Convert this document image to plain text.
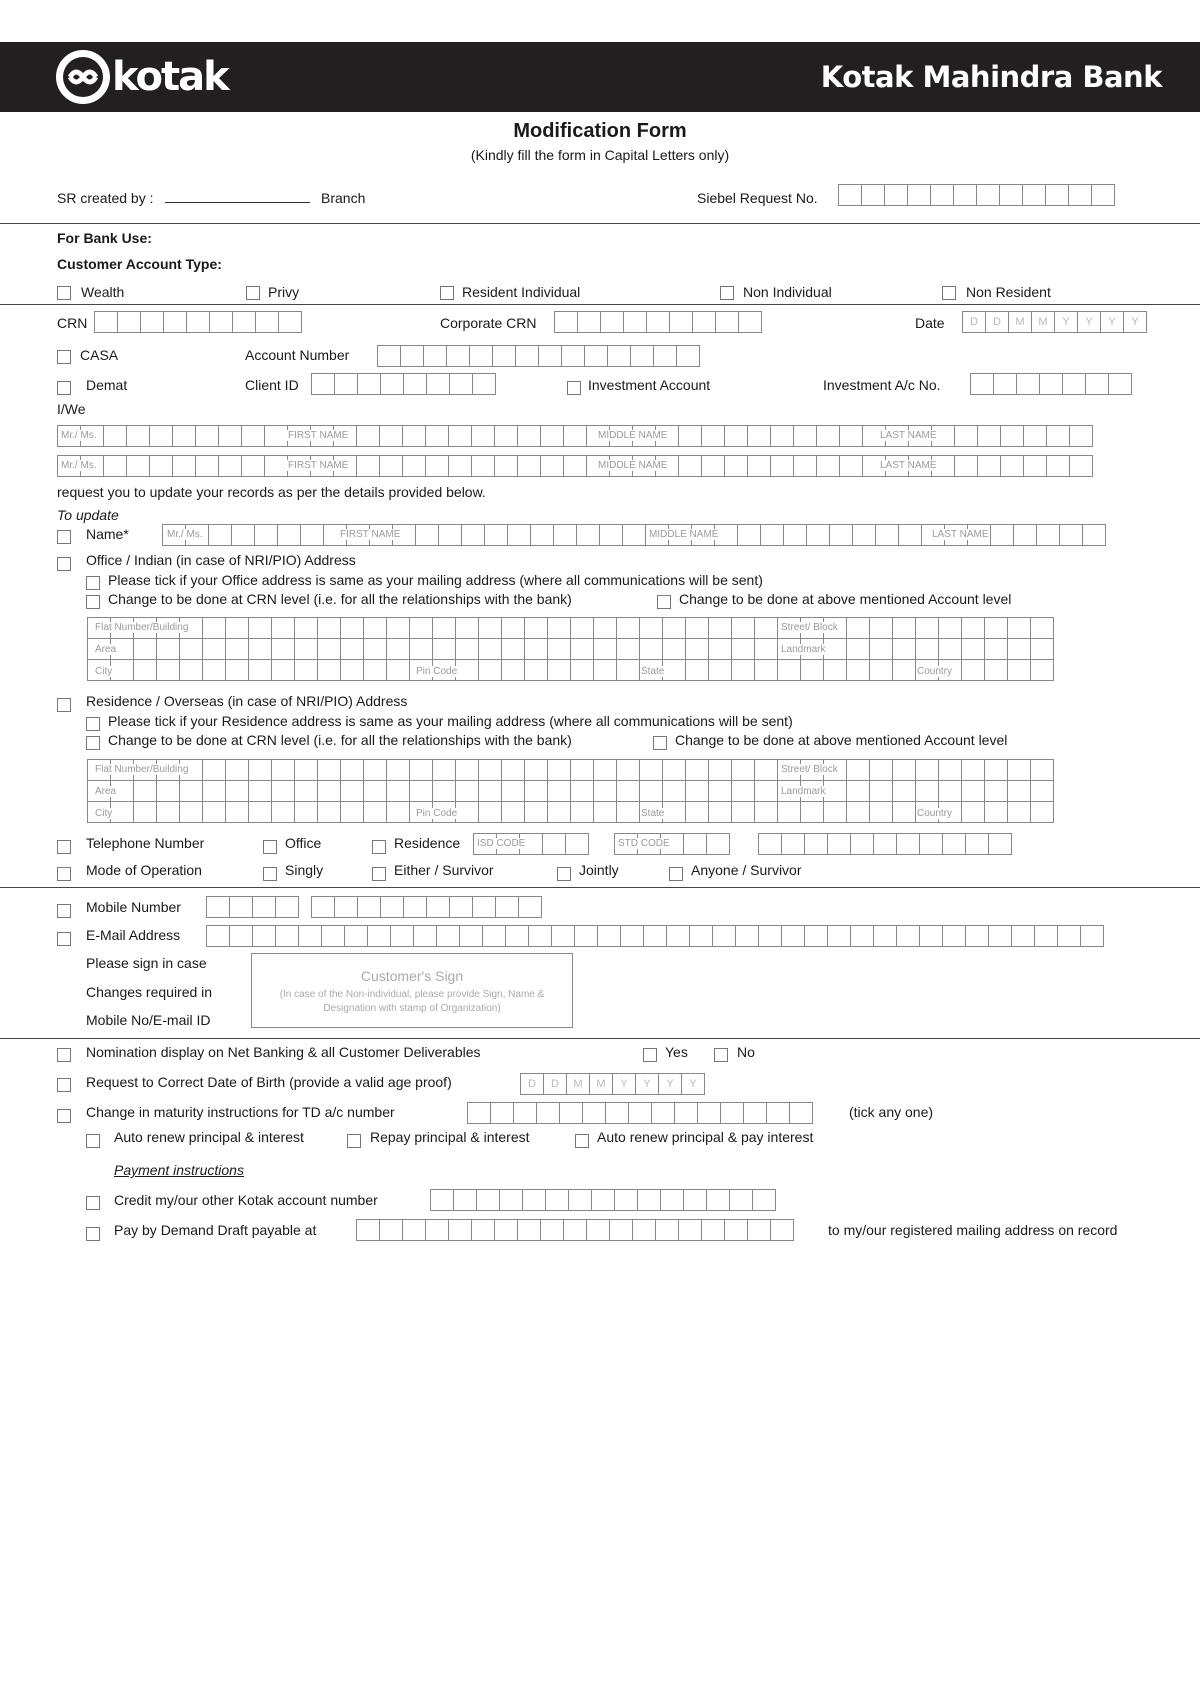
kotak	Kotak Mahindra Bank
Modification Form
(Kindly fill the form in Capital Letters only)
SR created by :	Branch	Siebel Request No.
For Bank Use:
Customer Account Type:
Wealth	Privy	Resident Individual	Non Individual	Non Resident
CRN	Corporate CRN	Date	D	D	M	M	Y	Y	Y	Y
CASA	Account Number
Demat	Client ID	Investment Account	Investment A/c No.
I/We
Mr./ Ms.	FIRST NAME	MIDDLE NAME	LAST NAME
Mr./ Ms.	FIRST NAME	MIDDLE NAME	LAST NAME
request you to update your records as per the details provided below.
To update
Name*	Mr./ Ms.	FIRST NAME	MIDDLE NAME	LAST NAME
Office / Indian (in case of NRI/PIO) Address
Please tick if your Office address is same as your mailing address (where all communications will be sent)
Change to be done at CRN level (i.e. for all the relationships with the bank)	Change to be done at above mentioned Account level
Flat Number/Building	Street/ Block
Area	Landmark
City	Pin Code	State	Country
Residence / Overseas (in case of NRI/PIO) Address
Please tick if your Residence address is same as your mailing address (where all communications will be sent)
Change to be done at CRN level (i.e. for all the relationships with the bank)	Change to be done at above mentioned Account level
Flat Number/Building	Street/ Block
Area	Landmark
City	Pin Code	State	Country
Telephone Number	Office	Residence ISD CODE	STD CODE
Mode of Operation	Singly	Either / Survivor	Jointly	Anyone / Survivor
Mobile Number
E-Mail Address
Please sign in case
Changes required in
Mobile No/E-mail ID
Customer's Sign
(In case of the Non-individual, please provide Sign, Name & Designation with stamp of Organization)
Nomination display on Net Banking & all Customer Deliverables	Yes	No
Request to Correct Date of Birth (provide a valid age proof)	D	D	M	M	Y	Y	Y	Y
Change in maturity instructions for TD a/c number	(tick any one)
Auto renew principal & interest	Repay principal & interest	Auto renew principal & pay interest
Payment instructions
Credit my/our other Kotak account number
Pay by Demand Draft payable at	to my/our registered mailing address on record
